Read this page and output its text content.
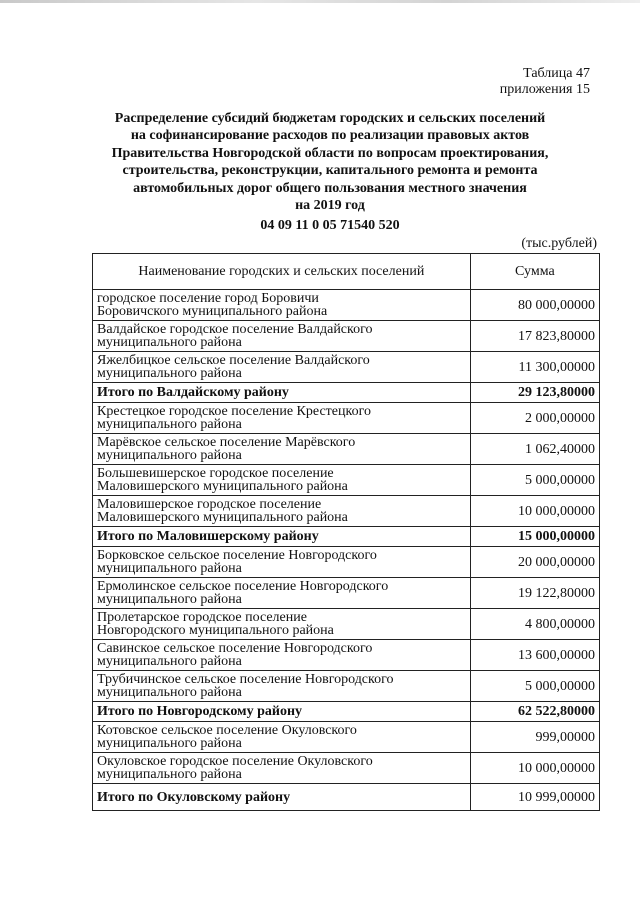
Таблица 47
приложения 15
Распределение субсидий бюджетам городских и сельских поселений
на софинансирование расходов по реализации правовых актов
Правительства Новгородской области по вопросам проектирования,
строительства, реконструкции, капитального ремонта и ремонта
автомобильных дорог общего пользования местного значения
на 2019 год
04 09 11 0 05 71540 520
(тыс.рублей)
Наименование городских и сельских поселений	Сумма

городское поселение город Боровичи
Боровичского муниципального района	80 000,00000

Валдайское городское поселение Валдайского
муниципального района	17 823,80000

Яжелбицкое сельское поселение Валдайского
муниципального района	11 300,00000

Итого по Валдайскому району	29 123,80000

Крестецкое городское поселение Крестецкого
муниципального района	2 000,00000

Марёвское сельское поселение Марёвского
муниципального района	1 062,40000

Большевишерское городское поселение
Маловишерского муниципального района	5 000,00000

Маловишерское городское поселение
Маловишерского муниципального района	10 000,00000

Итого по Маловишерскому району	15 000,00000

Борковское сельское поселение Новгородского
муниципального района	20 000,00000

Ермолинское сельское поселение Новгородского
муниципального района	19 122,80000

Пролетарское городское поселение
Новгородского муниципального района	4 800,00000

Савинское сельское поселение Новгородского
муниципального района	13 600,00000

Трубичинское сельское поселение Новгородского
муниципального района	5 000,00000

Итого по Новгородскому району	62 522,80000

Котовское сельское поселение Окуловского
муниципального района	999,00000

Окуловское городское поселение Окуловского
муниципального района	10 000,00000

Итого по Окуловскому району	10 999,00000
